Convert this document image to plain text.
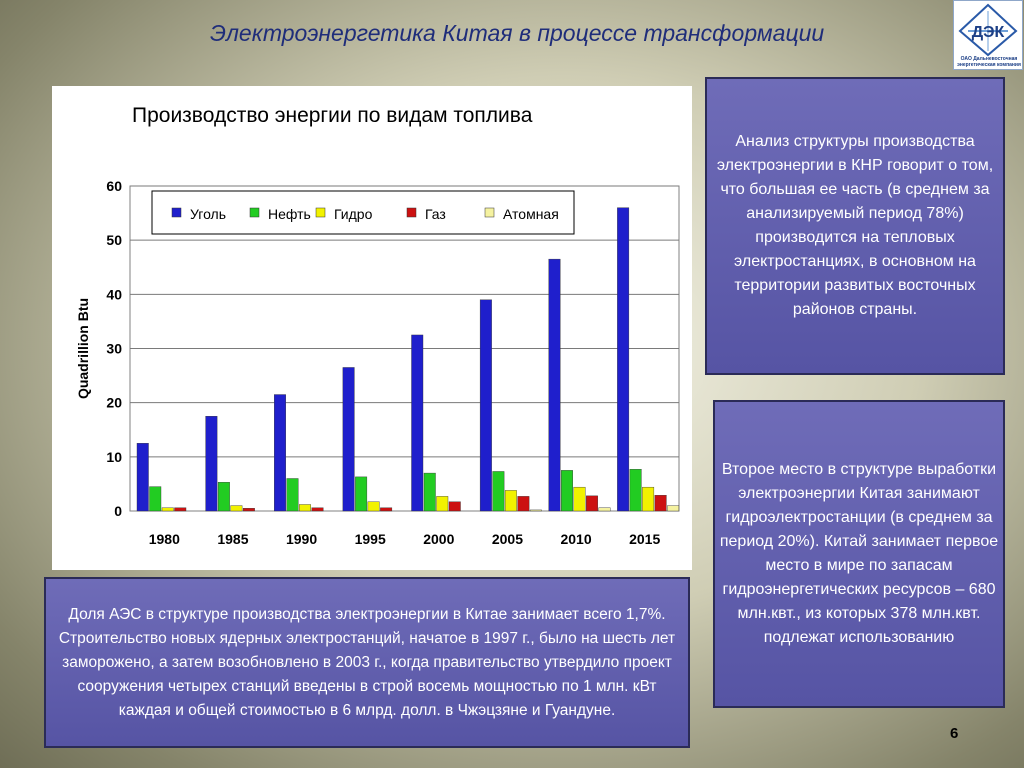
Электроэнергетика Китая в процессе трансформации	ДЭК
ОАО Дальневосточная энергетическая компания
Производство энергии по видам топлива
0
10
20
30
40
50
60
Quadrillion Btu
1980	1985	1990	1995	2000	2005	2010	2015
Уголь	Нефть Гидро	Газ	Атомная

Анализ структуры производства электроэнергии в КНР говорит о том, что большая ее часть (в среднем за анализируемый период 78%) производится на тепловых электростанциях, в основном на территории развитых восточных районов страны.

Второе место в структуре выработки электроэнергии Китая занимают гидроэлектростанции (в среднем за период 20%). Китай занимает первое место в мире по запасам гидроэнергетических ресурсов – 680 млн.квт., из которых 378 млн.квт. подлежат использованию

Доля АЭС в структуре производства электроэнергии в Китае занимает всего 1,7%. Строительство новых ядерных электростанций, начатое в 1997 г., было на шесть лет заморожено, а затем возобновлено в 2003 г., когда правительство утвердило проект сооружения четырех станций введены в строй восемь мощностью по 1 млн. кВт каждая и общей стоимостью в 6 млрд. долл. в Чжэцзяне и Гуандуне.

6
